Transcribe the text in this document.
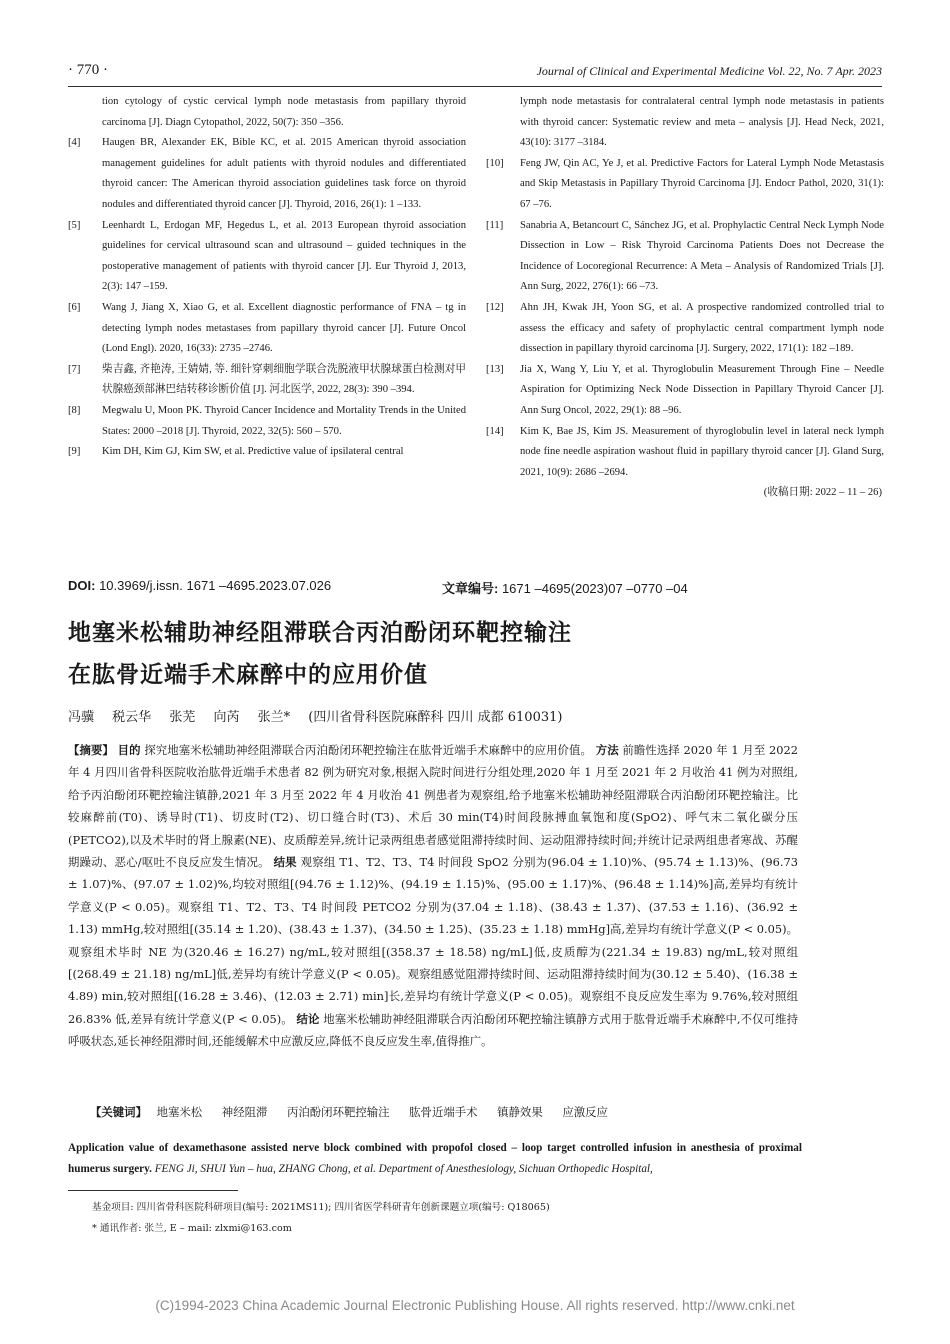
· 770 ·	Journal of Clinical and Experimental Medicine Vol. 22, No. 7 Apr. 2023
tion cytology of cystic cervical lymph node metastasis from papillary thyroid carcinoma [J]. Diagn Cytopathol, 2022, 50(7): 350 –356.
[4] Haugen BR, Alexander EK, Bible KC, et al. 2015 American thyroid association management guidelines for adult patients with thyroid nodules and differentiated thyroid cancer: The American thyroid association guidelines task force on thyroid nodules and differentiated thyroid cancer [J]. Thyroid, 2016, 26(1): 1 –133.
[5] Leenhardt L, Erdogan MF, Hegedus L, et al. 2013 European thyroid association guidelines for cervical ultrasound scan and ultrasound – guided techniques in the postoperative management of patients with thyroid cancer [J]. Eur Thyroid J, 2013, 2(3): 147 –159.
[6] Wang J, Jiang X, Xiao G, et al. Excellent diagnostic performance of FNA – tg in detecting lymph nodes metastases from papillary thyroid cancer [J]. Future Oncol (Lond Engl). 2020, 16(33): 2735 –2746.
[7] 柴吉鑫, 齐艳涛, 王婧婧, 等. 细针穿刺细胞学联合洗脱液甲状腺球蛋白检测对甲状腺癌颈部淋巴结转移诊断价值 [J]. 河北医学, 2022, 28(3): 390 –394.
[8] Megwalu U, Moon PK. Thyroid Cancer Incidence and Mortality Trends in the United States: 2000 –2018 [J]. Thyroid, 2022, 32(5): 560 – 570.
[9] Kim DH, Kim GJ, Kim SW, et al. Predictive value of ipsilateral central
lymph node metastasis for contralateral central lymph node metastasis in patients with thyroid cancer: Systematic review and meta – analysis [J]. Head Neck, 2021, 43(10): 3177 –3184.
[10] Feng JW, Qin AC, Ye J, et al. Predictive Factors for Lateral Lymph Node Metastasis and Skip Metastasis in Papillary Thyroid Carcinoma [J]. Endocr Pathol, 2020, 31(1): 67 –76.
[11] Sanabria A, Betancourt C, Sánchez JG, et al. Prophylactic Central Neck Lymph Node Dissection in Low – Risk Thyroid Carcinoma Patients Does not Decrease the Incidence of Locoregional Recurrence: A Meta – Analysis of Randomized Trials [J]. Ann Surg, 2022, 276(1): 66 –73.
[12] Ahn JH, Kwak JH, Yoon SG, et al. A prospective randomized controlled trial to assess the efficacy and safety of prophylactic central compartment lymph node dissection in papillary thyroid carcinoma [J]. Surgery, 2022, 171(1): 182 –189.
[13] Jia X, Wang Y, Liu Y, et al. Thyroglobulin Measurement Through Fine – Needle Aspiration for Optimizing Neck Node Dissection in Papillary Thyroid Cancer [J]. Ann Surg Oncol, 2022, 29(1): 88 –96.
[14] Kim K, Bae JS, Kim JS. Measurement of thyroglobulin level in lateral neck lymph node fine needle aspiration washout fluid in papillary thyroid cancer [J]. Gland Surg, 2021, 10(9): 2686 –2694.
(收稿日期: 2022 – 11 – 26)
DOI: 10.3969/j.issn. 1671 –4695.2023.07.026	文章编号: 1671 –4695(2023)07 –0770 –04
地塞米松辅助神经阻滞联合丙泊酚闭环靶控输注
在肱骨近端手术麻醉中的应用价值
冯骥 税云华 张芜 向芮 张兰* (四川省骨科医院麻醉科 四川 成都 610031)
【摘要】 目的 探究地塞米松辅助神经阻滞联合丙泊酚闭环靶控输注在肱骨近端手术麻醉中的应用价值。 方法 前瞻性选择 2020 年 1 月至 2022 年 4 月四川省骨科医院收治肱骨近端手术患者 82 例为研究对象,根据入院时间进行分组处理,2020 年 1 月至 2021 年 2 月收治 41 例为对照组,给予丙泊酚闭环靶控输注镇静,2021 年 3 月至 2022 年 4 月收治 41 例患者为观察组,给予地塞米松辅助神经阻滞联合丙泊酚闭环靶控输注。比较麻醉前(T0)、诱导时(T1)、切皮时(T2)、切口缝合时(T3)、术后 30 min(T4)时间段脉搏血氧饱和度(SpO2)、呼气末二氧化碳分压(PETCO2),以及术毕时的肾上腺素(NE)、皮质醇差异,统计记录两组患者感觉阻滞持续时间、运动阻滞持续时间;并统计记录两组患者寒战、苏醒期躁动、恶心/呕吐不良反应发生情况。 结果 观察组 T1、T2、T3、T4 时间段 SpO2 分别为(96.04 ± 1.10)%、(95.74 ± 1.13)%、(96.73 ± 1.07)%、(97.07 ± 1.02)%,均较对照组[(94.76 ± 1.12)%、(94.19 ± 1.15)%、(95.00 ± 1.17)%、(96.48 ± 1.14)%]高,差异均有统计学意义(P < 0.05)。观察组 T1、T2、T3、T4 时间段 PETCO2 分别为(37.04 ± 1.18)、(38.43 ± 1.37)、(37.53 ± 1.16)、(36.92 ± 1.13) mmHg,较对照组[(35.14 ± 1.20)、(38.43 ± 1.37)、(34.50 ± 1.25)、(35.23 ± 1.18) mmHg]高,差异均有统计学意义(P < 0.05)。观察组术毕时 NE 为(320.46 ± 16.27) ng/mL,较对照组[(358.37 ± 18.58) ng/mL]低,皮质醇为(221.34 ± 19.83) ng/mL,较对照组[(268.49 ± 21.18) ng/mL]低,差异均有统计学意义(P < 0.05)。观察组感觉阻滞持续时间、运动阻滞持续时间为(30.12 ± 5.40)、(16.38 ± 4.89) min,较对照组[(16.28 ± 3.46)、(12.03 ± 2.71) min]长,差异均有统计学意义(P < 0.05)。观察组不良反应发生率为 9.76%,较对照组 26.83% 低,差异有统计学意义(P < 0.05)。 结论 地塞米松辅助神经阻滞联合丙泊酚闭环靶控输注镇静方式用于肱骨近端手术麻醉中,不仅可维持呼吸状态,延长神经阻滞时间,还能缓解术中应激反应,降低不良反应发生率,值得推广。
【关键词】 地塞米松 神经阻滞 丙泊酚闭环靶控输注 肱骨近端手术 镇静效果 应激反应
Application value of dexamethasone assisted nerve block combined with propofol closed – loop target controlled infusion in anesthesia of proximal humerus surgery. FENG Ji, SHUI Yun – hua, ZHANG Chong, et al. Department of Anesthesiology, Sichuan Orthopedic Hospital,
基金项目: 四川省骨科医院科研项目(编号: 2021MS11); 四川省医学科研青年创新课题立项(编号: Q18065)
* 通讯作者: 张兰, E – mail: zlxmi@163.com
(C)1994-2023 China Academic Journal Electronic Publishing House. All rights reserved. http://www.cnki.net
